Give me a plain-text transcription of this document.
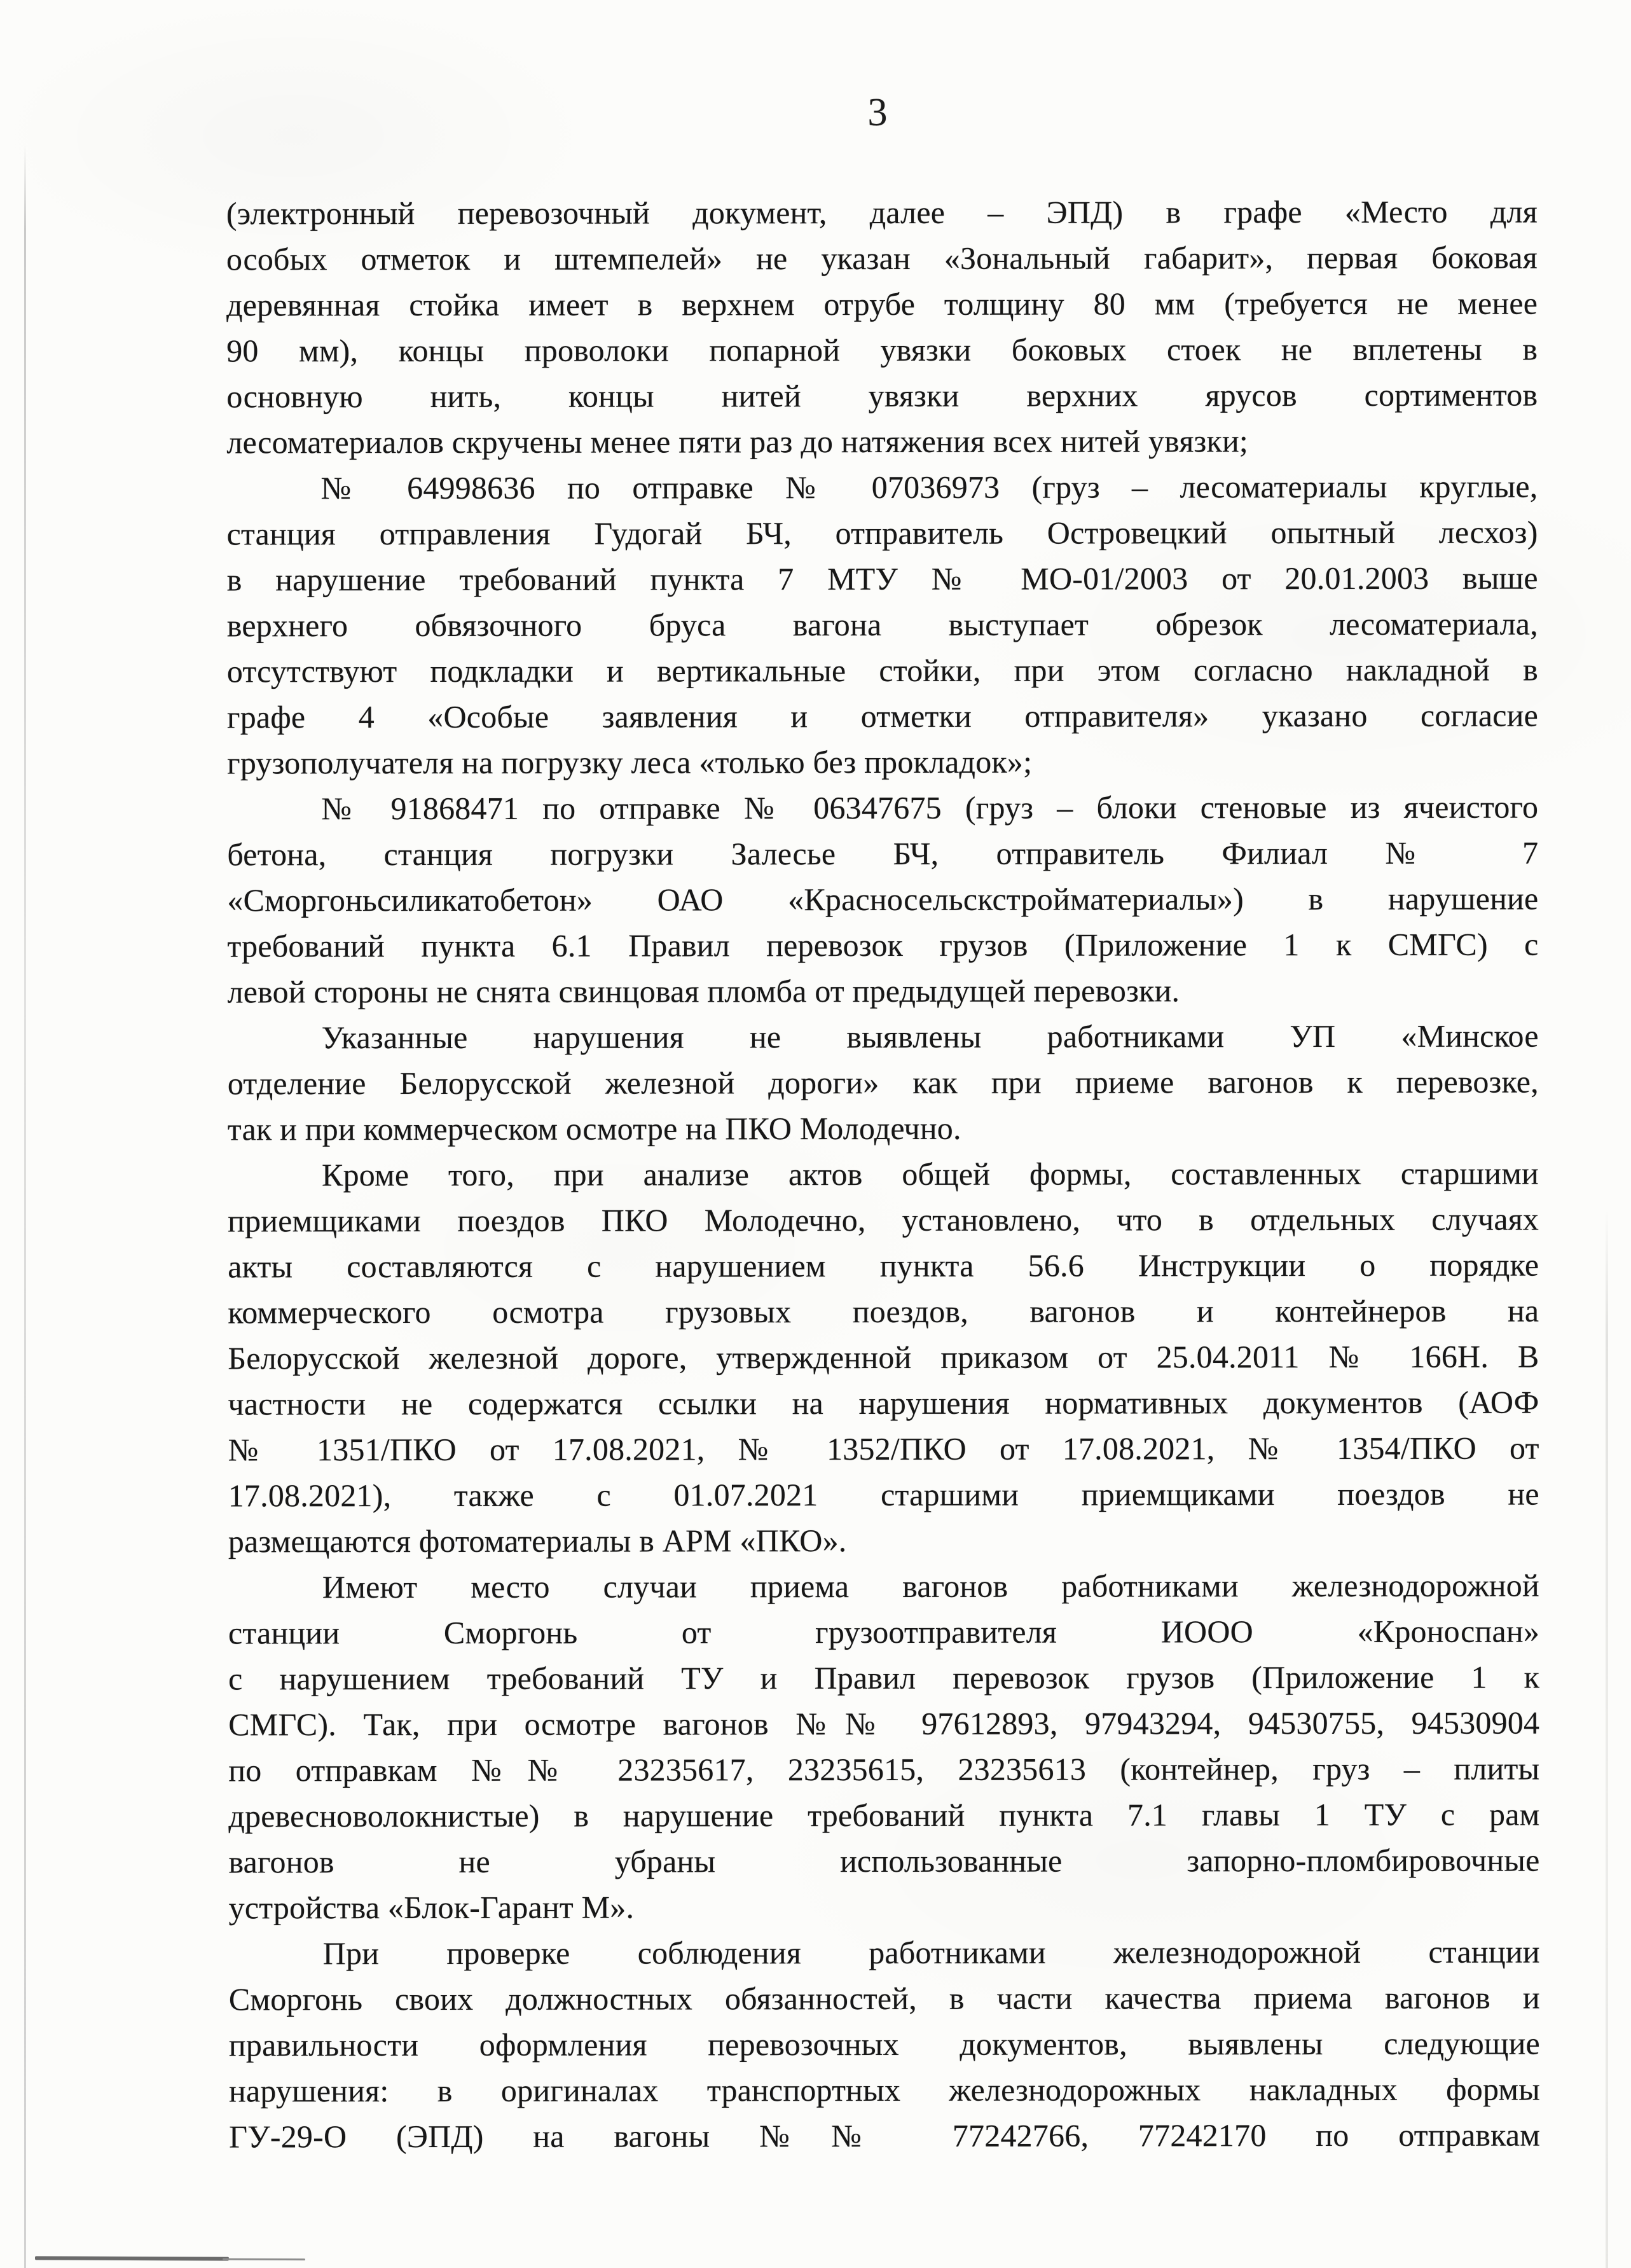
3
(электронный перевозочный документ, далее – ЭПД) в графе «Место для
особых отметок и штемпелей» не указан «Зональный габарит», первая боковая
деревянная стойка имеет в верхнем отрубе толщину 80 мм (требуется не менее
90 мм), концы проволоки попарной увязки боковых стоек не вплетены в
основную нить, концы нитей увязки верхних ярусов сортиментов
лесоматериалов скручены менее пяти раз до натяжения всех нитей увязки;
№ 64998636 по отправке № 07036973 (груз – лесоматериалы круглые,
станция отправления Гудогай БЧ, отправитель Островецкий опытный лесхоз)
в нарушение требований пункта 7 МТУ № МО-01/2003 от 20.01.2003 выше
верхнего обвязочного бруса вагона выступает обрезок лесоматериала,
отсутствуют подкладки и вертикальные стойки, при этом согласно накладной в
графе 4 «Особые заявления и отметки отправителя» указано согласие
грузополучателя на погрузку леса «только без прокладок»;
№ 91868471 по отправке № 06347675 (груз – блоки стеновые из ячеистого
бетона, станция погрузки Залесье БЧ, отправитель Филиал № 7
«Сморгоньсиликатобетон» ОАО «Красносельскстройматериалы») в нарушение
требований пункта 6.1 Правил перевозок грузов (Приложение 1 к СМГС) с
левой стороны не снята свинцовая пломба от предыдущей перевозки.
Указанные нарушения не выявлены работниками УП «Минское
отделение Белорусской железной дороги» как при приеме вагонов к перевозке,
так и при коммерческом осмотре на ПКО Молодечно.
Кроме того, при анализе актов общей формы, составленных старшими
приемщиками поездов ПКО Молодечно, установлено, что в отдельных случаях
акты составляются с нарушением пункта 56.6 Инструкции о порядке
коммерческого осмотра грузовых поездов, вагонов и контейнеров на
Белорусской железной дороге, утвержденной приказом от 25.04.2011 № 166Н. В
частности не содержатся ссылки на нарушения нормативных документов (АОФ
№ 1351/ПКО от 17.08.2021, № 1352/ПКО от 17.08.2021, № 1354/ПКО от
17.08.2021), также с 01.07.2021 старшими приемщиками поездов не
размещаются фотоматериалы в АРМ «ПКО».
Имеют место случаи приема вагонов работниками железнодорожной
станции Сморгонь от грузоотправителя ИООО «Кроноспан»
с нарушением требований ТУ и Правил перевозок грузов (Приложение 1 к
СМГС). Так, при осмотре вагонов №№ 97612893, 97943294, 94530755, 94530904
по отправкам №№ 23235617, 23235615, 23235613 (контейнер, груз – плиты
древесноволокнистые) в нарушение требований пункта 7.1 главы 1 ТУ с рам
вагонов не убраны использованные запорно-пломбировочные
устройства «Блок-Гарант М».
При проверке соблюдения работниками железнодорожной станции
Сморгонь своих должностных обязанностей, в части качества приема вагонов и
правильности оформления перевозочных документов, выявлены следующие
нарушения: в оригиналах транспортных железнодорожных накладных формы
ГУ-29-О (ЭПД) на вагоны №№ 77242766, 77242170 по отправкам
